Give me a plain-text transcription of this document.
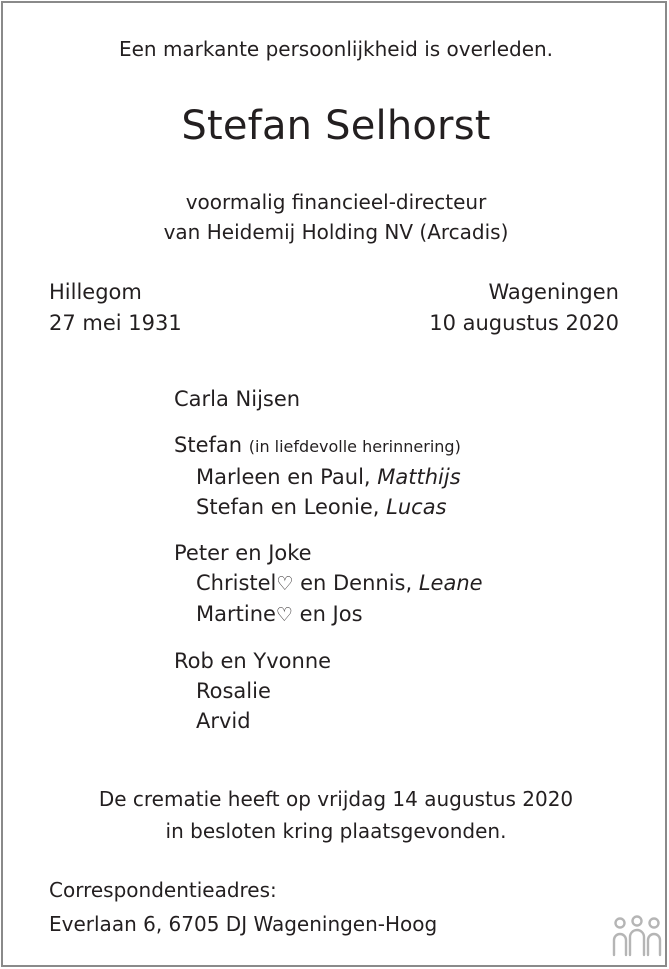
Een markante persoonlijkheid is overleden.
Stefan Selhorst
voormalig financieel-directeur
van Heidemij Holding NV (Arcadis)
Hillegom
27 mei 1931
Wageningen
10 augustus 2020
Carla Nijsen
Stefan (in liefdevolle herinnering)
Marleen en Paul, Matthijs
Stefan en Leonie, Lucas
Peter en Joke
Christel♡ en Dennis, Leane
Martine♡ en Jos
Rob en Yvonne
Rosalie
Arvid
De crematie heeft op vrijdag 14 augustus 2020
in besloten kring plaatsgevonden.
Correspondentieadres:
Everlaan 6, 6705 DJ Wageningen-Hoog
